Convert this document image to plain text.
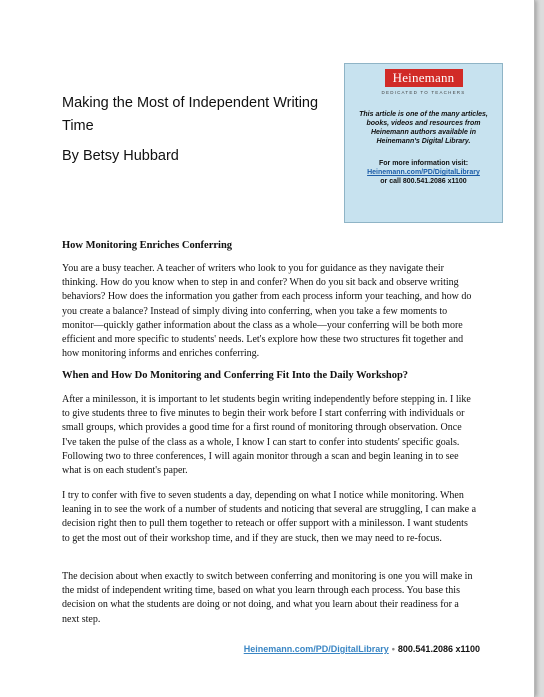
Making the Most of Independent Writing Time
By Betsy Hubbard
Heinemann
DEDICATED TO TEACHERS
This article is one of the many articles, books, videos and resources from Heinemann authors available in Heinemann's Digital Library.
For more information visit:
Heinemann.com/PD/DigitalLibrary
or call 800.541.2086 x1100
How Monitoring Enriches Conferring
You are a busy teacher. A teacher of writers who look to you for guidance as they navigate their thinking. How do you know when to step in and confer? When do you sit back and observe writing behaviors? How does the information you gather from each process inform your teaching, and how do you create a balance? Instead of simply diving into conferring, when you take a few moments to monitor—quickly gather information about the class as a whole—your conferring will be both more efficient and more specific to students' needs. Let's explore how these two structures fit together and how monitoring informs and enriches conferring.
When and How Do Monitoring and Conferring Fit Into the Daily Workshop?
After a minilesson, it is important to let students begin writing independently before stepping in. I like to give students three to five minutes to begin their work before I start conferring with individuals or small groups, which provides a good time for a first round of monitoring through observation. Once I've taken the pulse of the class as a whole, I know I can start to confer into students' specific goals. Following two to three conferences, I will again monitor through a scan and begin leaning in to see what is on each student's paper.
I try to confer with five to seven students a day, depending on what I notice while monitoring. When leaning in to see the work of a number of students and noticing that several are struggling, I can make a decision right then to pull them together to reteach or offer support with a minilesson. I want students to get the most out of their workshop time, and if they are stuck, then we may need to re-focus.
The decision about when exactly to switch between conferring and monitoring is one you will make in the midst of independent writing time, based on what you learn through each process. You base this decision on what the students are doing or not doing, and what you learn about their readiness for a next step.
Heinemann.com/PD/DigitalLibrary • 800.541.2086 x1100
